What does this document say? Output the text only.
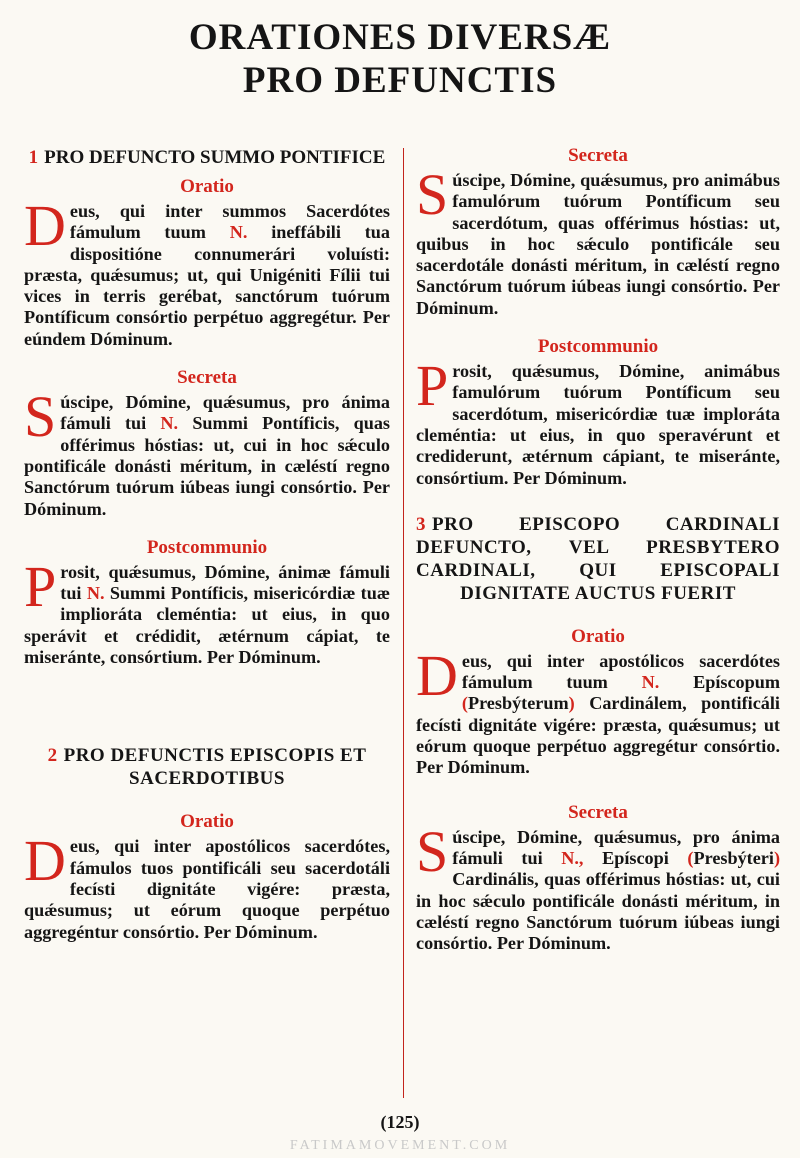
ORATIONES DIVERSÆ
PRO DEFUNCTIS
1 PRO DEFUNCTO SUMMO PONTIFICE
Oratio

Deus, qui inter summos Sacerdótes fámulum tuum N. ineffábili tua dispositióne connumerári voluísti: præsta, quǽsumus; ut, qui Unigéniti Fílii tui vices in terris gerébat, sanctórum tuórum Pontíficum consórtio perpétuo aggregétur. Per eúndem Dóminum.

Secreta

Súscipe, Dómine, quǽsumus, pro ánima fámuli tui N. Summi Pontíficis, quas offérimus hóstias: ut, cui in hoc sǽculo pontificále donásti méritum, in cæléstí regno Sanctórum tuórum iúbeas iungi consórtio. Per Dóminum.

Postcommunio

Prosit, quǽsumus, Dómine, ánimæ fámuli tui N. Summi Pontíficis, misericórdiæ tuæ implioráta cleméntia: ut eius, in quo sperávit et crédidit, ætérnum cápiat, te miseránte, consórtium. Per Dóminum.

2 PRO DEFUNCTIS EPISCOPIS ET SACERDOTIBUS
Oratio

Deus, qui inter apostólicos sacerdótes, fámulos tuos pontificáli seu sacerdotáli fecísti dignitáte vigére: præsta, quǽsumus; ut eórum quoque perpétuo aggregéntur consórtio. Per Dóminum.

Secreta

Súscipe, Dómine, quǽsumus, pro animábus famulórum tuórum Pontíficum seu sacerdótum, quas offérimus hóstias: ut, quibus in hoc sǽculo pontificále seu sacerdotále donásti méritum, in cæléstí regno Sanctórum tuórum iúbeas iungi consórtio. Per Dóminum.

Postcommunio

Prosit, quǽsumus, Dómine, animábus famulórum tuórum Pontíficum seu sacerdótum, misericórdiæ tuæ imploráta cleméntia: ut eius, in quo speravérunt et crediderunt, ætérnum cápiant, te miseránte, consórtium. Per Dóminum.

3 PRO EPISCOPO CARDINALI DEFUNCTO, VEL PRESBYTERO CARDINALI, QUI EPISCOPALI DIGNITATE AUCTUS FUERIT
Oratio

Deus, qui inter apostólicos sacerdótes fámulum tuum N. Epíscopum (Presbýterum) Cardinálem, pontificáli fecísti dignitáte vigére: præsta, quǽsumus; ut eórum quoque perpétuo aggregétur consórtio. Per Dóminum.

Secreta

Súscipe, Dómine, quǽsumus, pro ánima fámuli tui N., Epíscopi (Presbýteri) Cardinális, quas offérimus hóstias: ut, cui in hoc sǽculo pontificále donásti méritum, in cæléstí regno Sanctórum tuórum iúbeas iungi consórtio. Per Dóminum.

(125)
FATIMAMOVEMENT.COM
